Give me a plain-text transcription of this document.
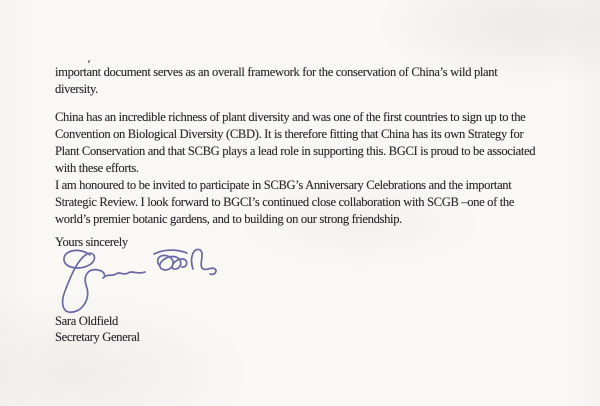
important document serves as an overall framework for the conservation of China’s wild plant
diversity.

China has an incredible richness of plant diversity and was one of the first countries to sign up to the
Convention on Biological Diversity (CBD). It is therefore fitting that China has its own Strategy for
Plant Conservation and that SCBG plays a lead role in supporting this. BGCI is proud to be associated
with these efforts.

I am honoured to be invited to participate in SCBG’s Anniversary Celebrations and the important
Strategic Review. I look forward to BGCI’s continued close collaboration with SCGB –one of the
world’s premier botanic gardens, and to building on our strong friendship.

Yours sincerely

Sara Oldfield
Secretary General
